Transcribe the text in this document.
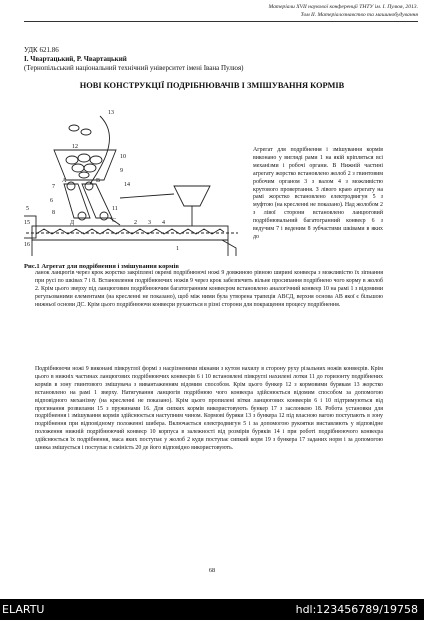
Матеріали XVII наукової конференції ТНТУ ім. І. Пулюя, 2013.
Том II. Матеріалознавство та машинобудування
УДК 621.86
І. Чвартацький, Р. Чвартацький
(Тернопільський національний технічний університет імені Івана Пулюя)
НОВІ КОНСТРУКЦІЇ ПОДРІБНЮВАЧІВ І ЗМІШУВАННЯ КОРМІВ
13
12
10
9
14
7
6
8
11
5
15
16
2 3 4
1
А	В
С
Д
Рис.1 Агрегат для подрібнення і змішування кормів

Агрегат для подрібнення і змішування кормів виконано у вигляді рами 1 на якій кріпляться всі механізми і робочі органи. В Нижній частині агрегату жорстко встановлено жолоб 2 з гвинтовим робочим органом 3 з валом 4 з можливістю крутового провертання. З лівого краю агрегату на рамі жорстко встановлено електродвигун 5 з муфтою (на кресленні не показано). Над жолобом 2 з лівої сторони встановлено ланцюговий подрібнювальний багатогранний конвеєр 6 з ведучим 7 і веденим 8 зубчастими шківами в яких до

ланок ланцюгів через крок жорстко закріплені окремі подрібнюючі ножі 9 довжиною рівною ширині конвеєра з можливістю їх зіпнання при русі по шківах 7 і 8. Встановлення подрібнюючих ножів 9 через крок забезпечить вільне просипання подрібнено чого корму в жолоб 2. Крім цього зверху під ланцюговим подрібнюючим багатогранним конвеєром встановлено аналогічний конвеєр 10 на рамі 1 з відомими регульованими елементами (на кресленні не показано), щоб між ними була утворена трапеція АВСД, верхня основа АВ якої є більшою нижньої основи ДС. Крім цього подрібнюючи конвеєри рухаються в різні сторони для покращення процесу подрібнення.

Подрібнюючи ножі 9 виконані півкруглої формі з насрізненими вікнами з кутом нахилу в сторону руху різальних ножів конвеєрів. Крім цього в нижніх частинах ланцюгових подрібнюючих конвеєрів 6 і 10 встановлені півкруглі нахилені лотки 11 до горизонту подрібнених кормів в зону гвинтового змішувача з вивантаженням відомим способом. Крім цього бункер 12 з кормовими бурякам 13 жорстко встановлено на рамі 1 зверху. Натягування ланцюгів подрібнюю чого конвеєра здійснюється відомим способом за допомогою відповідного механізму (на кресленні не показано). Крім цього пропилені вітки ланцюгових конвеєрів 6 і 10 підтримуються від прогинання розвилами 15 з пружинами 16. Для сипких кормів використовують бункер 17 з заслонкою 18. Робота установки для подрібнення і змішування кормів здійснюється наступним чином. Кормові буряки 13 з бункера 12 під власною вагою поступають в зону подрібнення при відповідному положенні шибера. Включається електродвигун 5 і за допомогою рукоятки виставляють у відповідне положення нижній подрібнюючий конвеєр 10 корпуса в залежності від розмірів буряків 14 і при роботі подрібнюючого конвеєра здійснюється їх подрібнення, маса яких поступає у жолоб 2 куди поступає сипкий корм 19 з бункера 17 заданих норм і за допомогою шнека змішується і поступає в сміність 20 де його відповідно використовують.

68
ELARTU	hdl:123456789/19758
